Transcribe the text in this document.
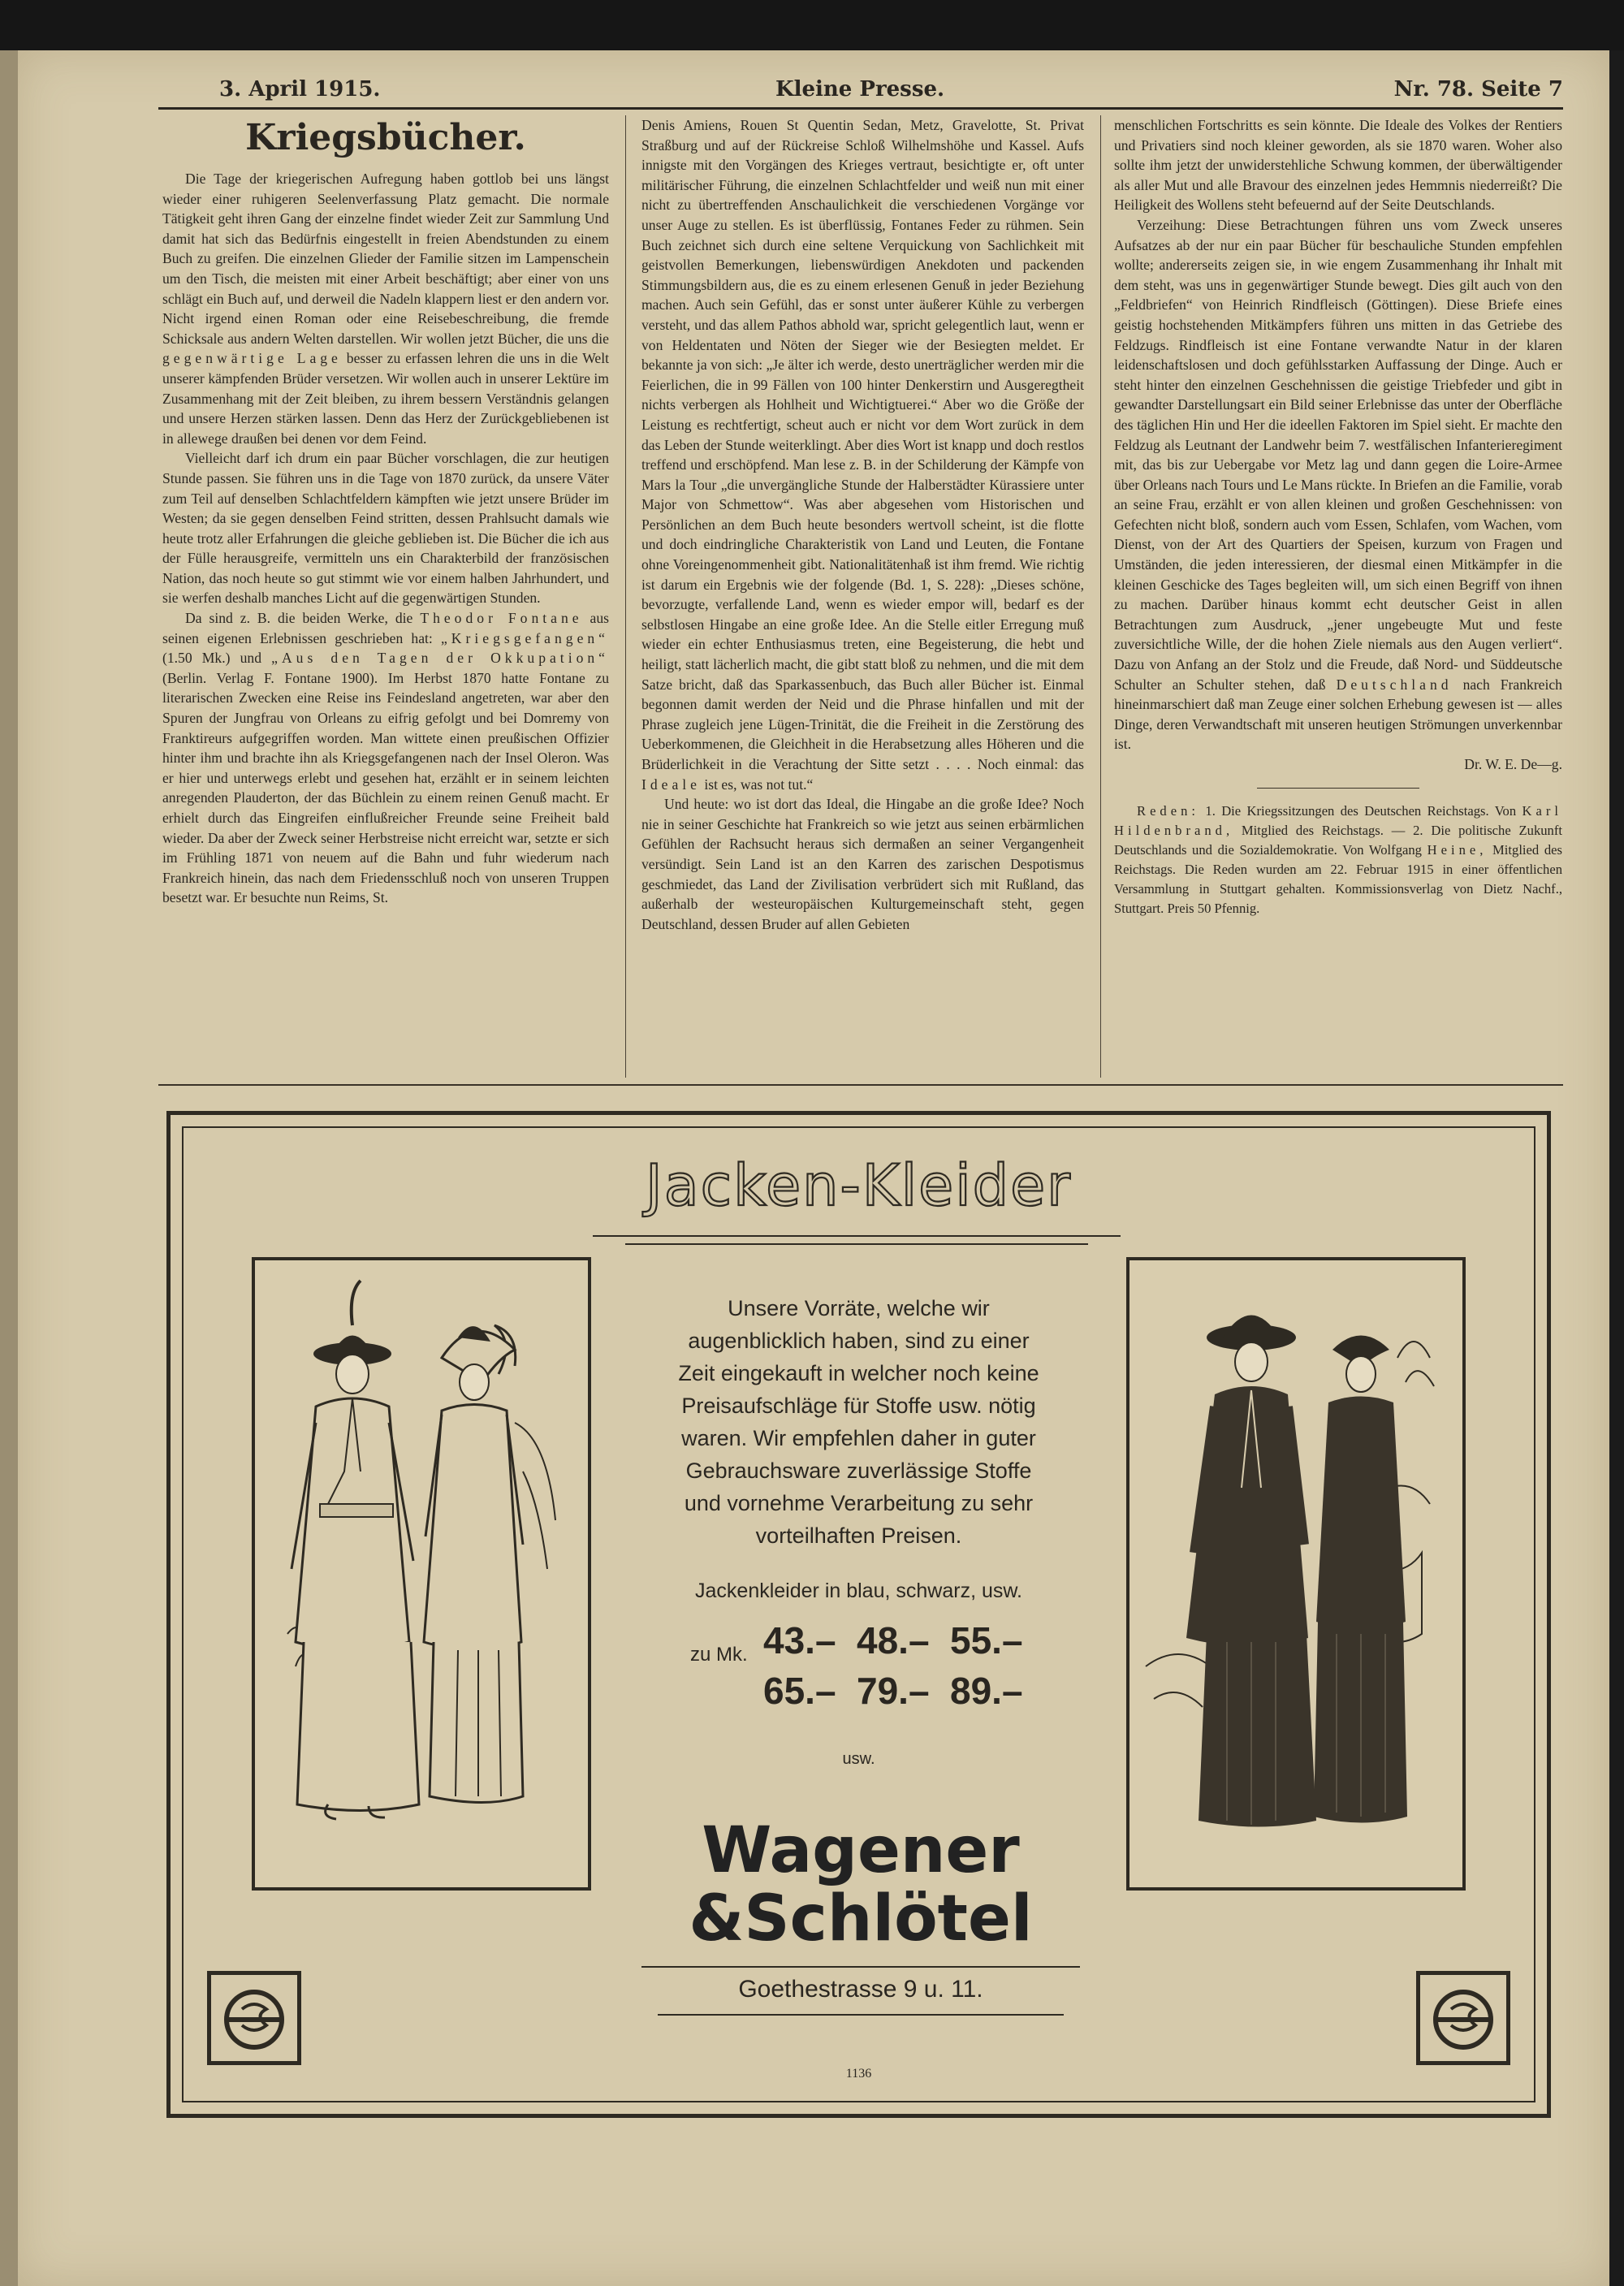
3. April 1915.	Kleine Presse.	Nr. 78. Seite 7
Kriegsbücher.

Die Tage der kriegerischen Aufregung haben gottlob bei uns längst wieder einer ruhigeren Seelenverfassung Platz gemacht. Die normale Tätigkeit geht ihren Gang der einzelne findet wieder Zeit zur Sammlung Und damit hat sich das Bedürfnis eingestellt in freien Abendstunden zu einem Buch zu greifen. Die einzelnen Glieder der Familie sitzen im Lampenschein um den Tisch, die meisten mit einer Arbeit beschäftigt; aber einer von uns schlägt ein Buch auf, und derweil die Nadeln klappern liest er den andern vor. Nicht irgend einen Roman oder eine Reisebeschreibung, die fremde Schicksale aus andern Welten darstellen. Wir wollen jetzt Bücher, die uns die gegenwärtige Lage besser zu erfassen lehren die uns in die Welt unserer kämpfenden Brüder versetzen. Wir wollen auch in unserer Lektüre im Zusammenhang mit der Zeit bleiben, zu ihrem bessern Verständnis gelangen und unsere Herzen stärken lassen. Denn das Herz der Zurückgebliebenen ist in allewege draußen bei denen vor dem Feind.

Vielleicht darf ich drum ein paar Bücher vorschlagen, die zur heutigen Stunde passen. Sie führen uns in die Tage von 1870 zurück, da unsere Väter zum Teil auf denselben Schlachtfeldern kämpften wie jetzt unsere Brüder im Westen; da sie gegen denselben Feind stritten, dessen Prahlsucht damals wie heute trotz aller Erfahrungen die gleiche geblieben ist. Die Bücher die ich aus der Fülle herausgreife, vermitteln uns ein Charakterbild der französischen Nation, das noch heute so gut stimmt wie vor einem halben Jahrhundert, und sie werfen deshalb manches Licht auf die gegenwärtigen Stunden.

Da sind z. B. die beiden Werke, die Theodor Fontane aus seinen eigenen Erlebnissen geschrieben hat: „Kriegsgefangen“ (1.50 Mk.) und „Aus den Tagen der Okkupation“ (Berlin. Verlag F. Fontane 1900). Im Herbst 1870 hatte Fontane zu literarischen Zwecken eine Reise ins Feindesland angetreten, war aber den Spuren der Jungfrau von Orleans zu eifrig gefolgt und bei Domremy von Franktireurs aufgegriffen worden. Man wittete einen preußischen Offizier hinter ihm und brachte ihn als Kriegsgefangenen nach der Insel Oleron. Was er hier und unterwegs erlebt und gesehen hat, erzählt er in seinem leichten anregenden Plauderton, der das Büchlein zu einem reinen Genuß macht. Er erhielt durch das Eingreifen einflußreicher Freunde seine Freiheit bald wieder. Da aber der Zweck seiner Herbstreise nicht erreicht war, setzte er sich im Frühling 1871 von neuem auf die Bahn und fuhr wiederum nach Frankreich hinein, das nach dem Friedensschluß noch von unseren Truppen besetzt war. Er besuchte nun Reims, St.

Denis Amiens, Rouen St Quentin Sedan, Metz, Gravelotte, St. Privat Straßburg und auf der Rückreise Schloß Wilhelmshöhe und Kassel. Aufs innigste mit den Vorgängen des Krieges vertraut, besichtigte er, oft unter militärischer Führung, die einzelnen Schlachtfelder und weiß nun mit einer nicht zu übertreffenden Anschaulichkeit die verschiedenen Vorgänge vor unser Auge zu stellen. Es ist überflüssig, Fontanes Feder zu rühmen. Sein Buch zeichnet sich durch eine seltene Verquickung von Sachlichkeit mit geistvollen Bemerkungen, liebenswürdigen Anekdoten und packenden Stimmungsbildern aus, die es zu einem erlesenen Genuß in jeder Beziehung machen. Auch sein Gefühl, das er sonst unter äußerer Kühle zu verbergen versteht, und das allem Pathos abhold war, spricht gelegentlich laut, wenn er von Heldentaten und Nöten der Sieger wie der Besiegten meldet. Er bekannte ja von sich: „Je älter ich werde, desto unerträglicher werden mir die Feierlichen, die in 99 Fällen von 100 hinter Denkerstirn und Ausgeregtheit nichts verbergen als Hohlheit und Wichtigtuerei.“ Aber wo die Größe der Leistung es rechtfertigt, scheut auch er nicht vor dem Wort zurück in dem das Leben der Stunde weiterklingt. Aber dies Wort ist knapp und doch restlos treffend und erschöpfend. Man lese z. B. in der Schilderung der Kämpfe von Mars la Tour „die unvergängliche Stunde der Halberstädter Kürassiere unter Major von Schmettow“. Was aber abgesehen vom Historischen und Persönlichen an dem Buch heute besonders wertvoll scheint, ist die flotte und doch eindringliche Charakteristik von Land und Leuten, die Fontane ohne Voreingenommenheit gibt. Nationalitätenhaß ist ihm fremd. Wie richtig ist darum ein Ergebnis wie der folgende (Bd. 1, S. 228): „Dieses schöne, bevorzugte, verfallende Land, wenn es wieder empor will, bedarf es der selbstlosen Hingabe an eine große Idee. An die Stelle eitler Erregung muß wieder ein echter Enthusiasmus treten, eine Begeisterung, die hebt und heiligt, statt lächerlich macht, die gibt statt bloß zu nehmen, und die mit dem Satze bricht, daß das Sparkassenbuch, das Buch aller Bücher ist. Einmal begonnen damit werden der Neid und die Phrase hinfallen und mit der Phrase zugleich jene Lügen-Trinität, die die Freiheit in die Zerstörung des Ueberkommenen, die Gleichheit in die Herabsetzung alles Höheren und die Brüderlichkeit in die Verachtung der Sitte setzt . . . . Noch einmal: das Ideale ist es, was not tut.“

Und heute: wo ist dort das Ideal, die Hingabe an die große Idee? Noch nie in seiner Geschichte hat Frankreich so wie jetzt aus seinen erbärmlichen Gefühlen der Rachsucht heraus sich dermaßen an seiner Vergangenheit versündigt. Sein Land ist an den Karren des zarischen Despotismus geschmiedet, das Land der Zivilisation verbrüdert sich mit Rußland, das außerhalb der westeuropäischen Kulturgemeinschaft steht, gegen Deutschland, dessen Bruder auf allen Gebieten

menschlichen Fortschritts es sein könnte. Die Ideale des Volkes der Rentiers und Privatiers sind noch kleiner geworden, als sie 1870 waren. Woher also sollte ihm jetzt der unwiderstehliche Schwung kommen, der überwältigender als aller Mut und alle Bravour des einzelnen jedes Hemmnis niederreißt? Die Heiligkeit des Wollens steht befeuernd auf der Seite Deutschlands.

Verzeihung: Diese Betrachtungen führen uns vom Zweck unseres Aufsatzes ab der nur ein paar Bücher für beschauliche Stunden empfehlen wollte; andererseits zeigen sie, in wie engem Zusammenhang ihr Inhalt mit dem steht, was uns in gegenwärtiger Stunde bewegt. Dies gilt auch von den „Feldbriefen“ von Heinrich Rindfleisch (Göttingen). Diese Briefe eines geistig hochstehenden Mitkämpfers führen uns mitten in das Getriebe des Feldzugs. Rindfleisch ist eine Fontane verwandte Natur in der klaren leidenschaftslosen und doch gefühlsstarken Auffassung der Dinge. Auch er steht hinter den einzelnen Geschehnissen die geistige Triebfeder und gibt in gewandter Darstellungsart ein Bild seiner Erlebnisse das unter der Oberfläche des täglichen Hin und Her die ideellen Faktoren im Spiel sieht. Er machte den Feldzug als Leutnant der Landwehr beim 7. westfälischen Infanterieregiment mit, das bis zur Uebergabe vor Metz lag und dann gegen die Loire-Armee über Orleans nach Tours und Le Mans rückte. In Briefen an die Familie, vorab an seine Frau, erzählt er von allen kleinen und großen Geschehnissen: von Gefechten nicht bloß, sondern auch vom Essen, Schlafen, vom Wachen, vom Dienst, von der Art des Quartiers der Speisen, kurzum von Fragen und Umständen, die jeden interessieren, der diesmal einen Mitkämpfer in die kleinen Geschicke des Tages begleiten will, um sich einen Begriff von ihnen zu machen. Darüber hinaus kommt echt deutscher Geist in allen Betrachtungen zum Ausdruck, „jener ungebeugte Mut und feste zuversichtliche Wille, der die hohen Ziele niemals aus den Augen verliert“. Dazu von Anfang an der Stolz und die Freude, daß Nord- und Süddeutsche Schulter an Schulter stehen, daß Deutschland nach Frankreich hineinmarschiert daß man Zeuge einer solchen Erhebung gewesen ist — alles Dinge, deren Verwandtschaft mit unseren heutigen Strömungen unverkennbar ist.

Dr. W. E. De—g.

Reden: 1. Die Kriegssitzungen des Deutschen Reichstags. Von Karl Hildenbrand, Mitglied des Reichstags. — 2. Die politische Zukunft Deutschlands und die Sozialdemokratie. Von Wolfgang Heine, Mitglied des Reichstags. Die Reden wurden am 22. Februar 1915 in einer öffentlichen Versammlung in Stuttgart gehalten. Kommissionsverlag von Dietz Nachf., Stuttgart. Preis 50 Pfennig.

Jacken-Kleider
Unsere Vorräte, welche wir augenblicklich haben, sind zu einer Zeit eingekauft in welcher noch keine Preisaufschläge für Stoffe usw. nötig waren. Wir empfehlen daher in guter Gebrauchsware zuverlässige Stoffe und vornehme Verarbeitung zu sehr vorteilhaften Preisen.
Jackenkleider in blau, schwarz, usw.
zu Mk. 43.– 48.– 55.–
65.– 79.– 89.–
usw.
Wagener
&Schlötel
Goethestrasse 9 u. 11.
1136
